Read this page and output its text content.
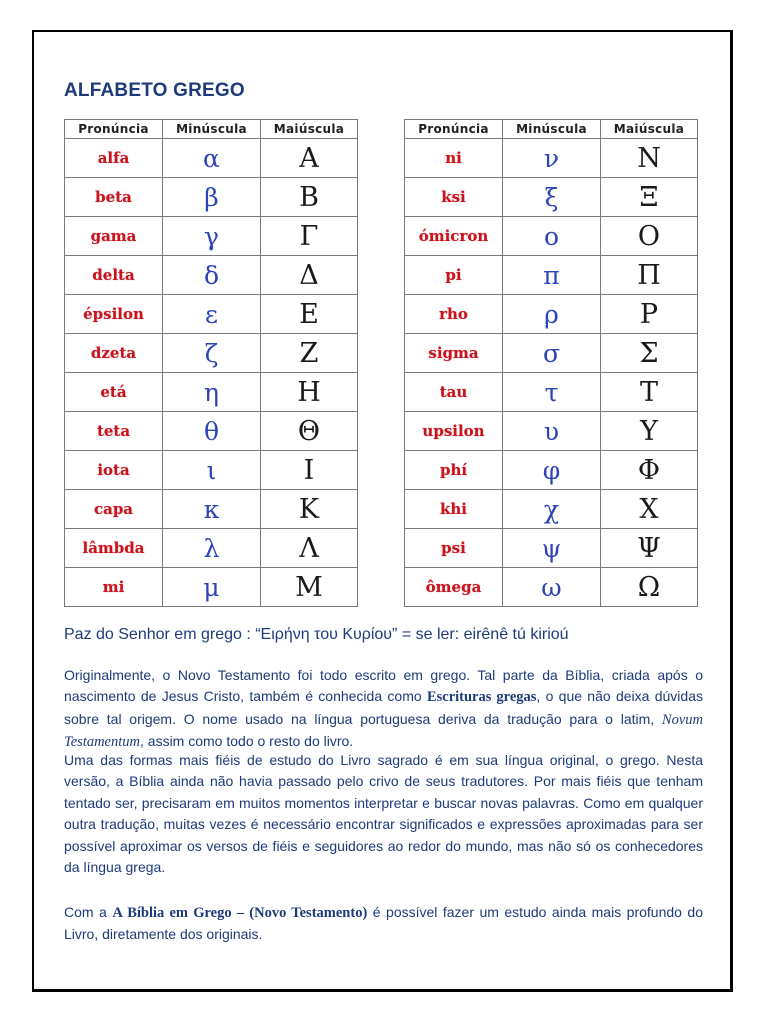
ALFABETO GREGO
Pronúncia	Minúscula	Maiúscula
alfa	α	Α
beta	β	Β
gama	γ	Γ
delta	δ	Δ
épsilon	ε	Ε
dzeta	ζ	Ζ
etá	η	Η
teta	θ	Θ
iota	ι	Ι
capa	κ	Κ
lâmbda	λ	Λ
mi	μ	Μ
Pronúncia	Minúscula	Maiúscula
ni	ν	Ν
ksi	ξ	Ξ
ómicron	ο	Ο
pi	π	Π
rho	ρ	Ρ
sigma	σ	Σ
tau	τ	Τ
upsilon	υ	Υ
phí	φ	Φ
khi	χ	Χ
psi	ψ	Ψ
ômega	ω	Ω

Paz do Senhor em grego : “Ειρήνη του Κυρίου” = se ler: eirênê tú kiriоú

Originalmente, o Novo Testamento foi todo escrito em grego. Tal parte da Bíblia, criada após o nascimento de Jesus Cristo, também é conhecida como Escrituras gregas, o que não deixa dúvidas sobre tal origem. O nome usado na língua portuguesa deriva da tradução para o latim, Novum Testamentum, assim como todo o resto do livro.

Uma das formas mais fiéis de estudo do Livro sagrado é em sua língua original, o grego. Nesta versão, a Bíblia ainda não havia passado pelo crivo de seus tradutores. Por mais fiéis que tenham tentado ser, precisaram em muitos momentos interpretar e buscar novas palavras. Como em qualquer outra tradução, muitas vezes é necessário encontrar significados e expressões aproximadas para ser possível aproximar os versos de fiéis e seguidores ao redor do mundo, mas não só os conhecedores da língua grega.

Com a A Bíblia em Grego – (Novo Testamento) é possível fazer um estudo ainda mais profundo do Livro, diretamente dos originais.
